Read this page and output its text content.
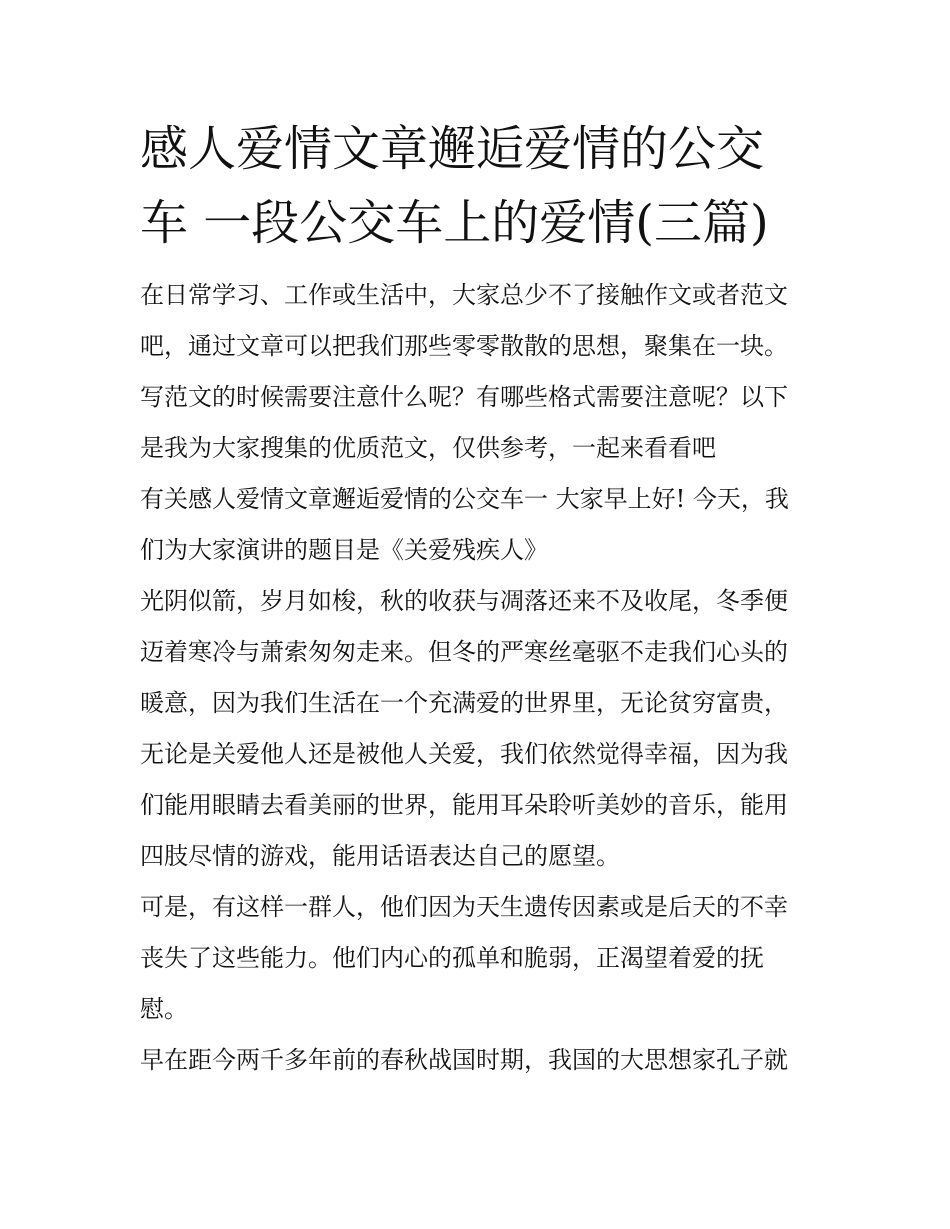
感人爱情文章邂逅爱情的公交
车 一段公交车上的爱情(三篇)
在日常学习、工作或生活中，大家总少不了接触作文或者范文
吧，通过文章可以把我们那些零零散散的思想，聚集在一块。
写范文的时候需要注意什么呢？有哪些格式需要注意呢？以下
是我为大家搜集的优质范文，仅供参考，一起来看看吧
有关感人爱情文章邂逅爱情的公交车一 大家早上好! 今天，我
们为大家演讲的题目是《关爱残疾人》
光阴似箭，岁月如梭，秋的收获与凋落还来不及收尾，冬季便
迈着寒冷与萧索匆匆走来。但冬的严寒丝毫驱不走我们心头的
暖意，因为我们生活在一个充满爱的世界里，无论贫穷富贵，
无论是关爱他人还是被他人关爱，我们依然觉得幸福，因为我
们能用眼睛去看美丽的世界，能用耳朵聆听美妙的音乐，能用
四肢尽情的游戏，能用话语表达自己的愿望。
可是，有这样一群人，他们因为天生遗传因素或是后天的不幸
丧失了这些能力。他们内心的孤单和脆弱，正渴望着爱的抚
慰。
早在距今两千多年前的春秋战国时期，我国的大思想家孔子就
